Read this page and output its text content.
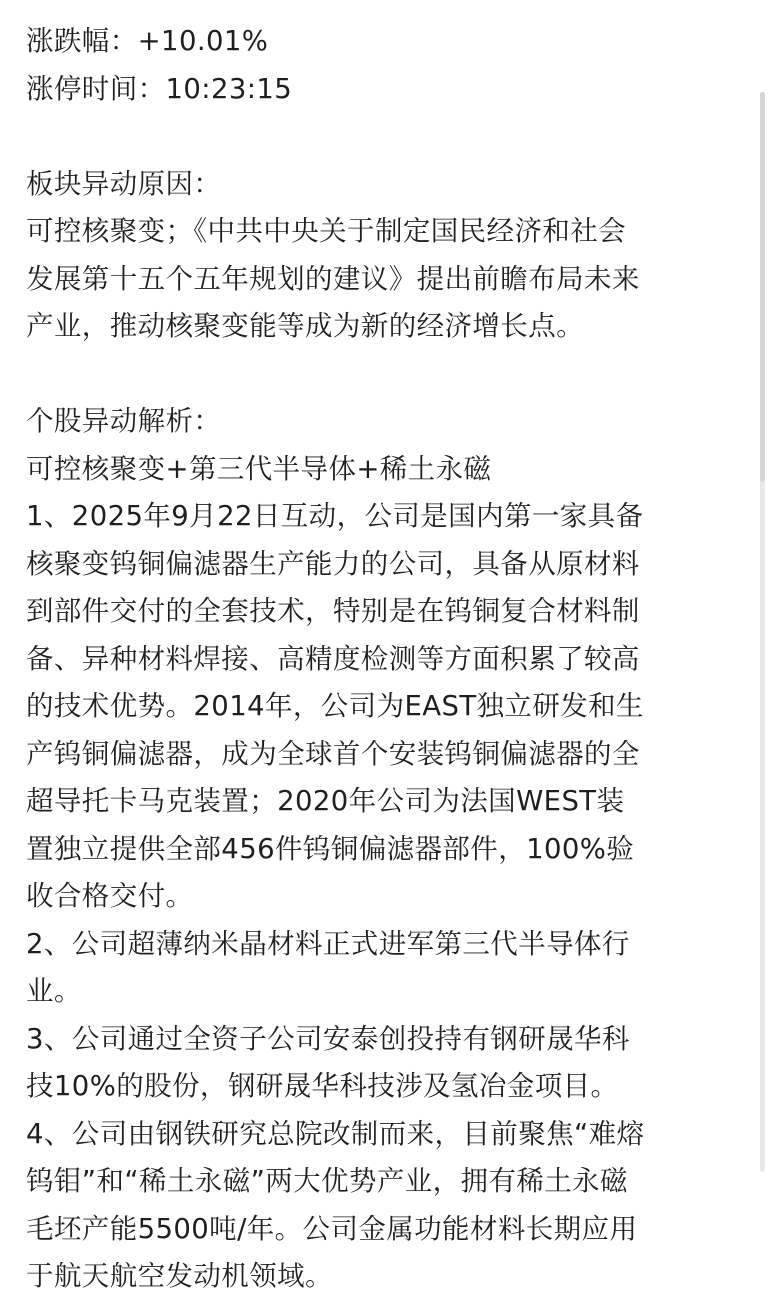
涨跌幅：+10.01%
涨停时间：10:23:15
板块异动原因：
可控核聚变；《中共中央关于制定国民经济和社会
发展第十五个五年规划的建议》提出前瞻布局未来
产业，推动核聚变能等成为新的经济增长点。
个股异动解析：
可控核聚变+第三代半导体+稀土永磁
1、2025年9月22日互动，公司是国内第一家具备
核聚变钨铜偏滤器生产能力的公司，具备从原材料
到部件交付的全套技术，特别是在钨铜复合材料制
备、异种材料焊接、高精度检测等方面积累了较高
的技术优势。2014年，公司为EAST独立研发和生
产钨铜偏滤器，成为全球首个安装钨铜偏滤器的全
超导托卡马克装置；2020年公司为法国WEST装
置独立提供全部456件钨铜偏滤器部件，100%验
收合格交付。
2、公司超薄纳米晶材料正式进军第三代半导体行
业。
3、公司通过全资子公司安泰创投持有钢研晟华科
技10%的股份，钢研晟华科技涉及氢冶金项目。
4、公司由钢铁研究总院改制而来，目前聚焦“难熔
钨钼”和“稀土永磁”两大优势产业，拥有稀土永磁
毛坯产能5500吨/年。公司金属功能材料长期应用
于航天航空发动机领域。
